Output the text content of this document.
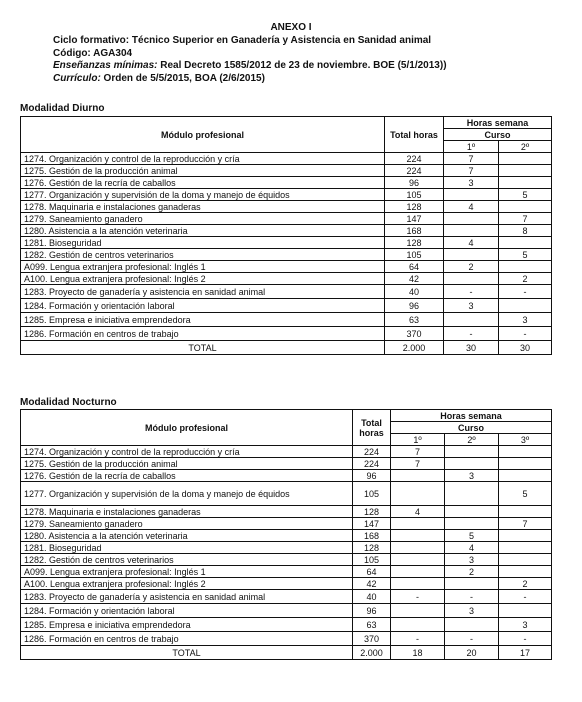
ANEXO I
Ciclo formativo: Técnico Superior en Ganadería y Asistencia en Sanidad animal
Código: AGA304
Enseñanzas mínimas: Real Decreto 1585/2012 de 23 de noviembre. BOE (5/1/2013))
Currículo: Orden de 5/5/2015, BOA (2/6/2015)
Modalidad Diurno
Módulo profesional	Total horas	Horas semana	
		Curso	
		1º	2º
1274. Organización y control de la reproducción y cría	224	7	
1275. Gestión de la producción animal	224	7	
1276. Gestión de la recría de caballos	96	3	
1277. Organización y supervisión de la doma y manejo de équidos	105		5
1278. Maquinaria e instalaciones ganaderas	128	4	
1279. Saneamiento ganadero	147		7
1280. Asistencia a la atención veterinaria	168		8
1281. Bioseguridad	128	4	
1282. Gestión de centros veterinarios	105		5
A099. Lengua extranjera profesional: Inglés 1	64	2	
A100. Lengua extranjera profesional: Inglés 2	42		2
1283. Proyecto de ganadería y asistencia en sanidad animal	40	-	-
1284. Formación y orientación laboral	96	3	
1285. Empresa e iniciativa emprendedora	63		3
1286. Formación en centros de trabajo	370	-	-
TOTAL	2.000	30	30
Modalidad Nocturno
Módulo profesional	Total horas	Horas semana		
		Curso		
		1º	2º	3º
1274. Organización y control de la reproducción y cría	224	7		
1275. Gestión de la producción animal	224	7		
1276. Gestión de la recría de caballos	96		3	
1277. Organización y supervisión de la doma y manejo de équidos	105			5
1278. Maquinaria e instalaciones ganaderas	128	4		
1279. Saneamiento ganadero	147			7
1280. Asistencia a la atención veterinaria	168		5	
1281. Bioseguridad	128		4	
1282. Gestión de centros veterinarios	105		3	
A099. Lengua extranjera profesional: Inglés 1	64		2	
A100. Lengua extranjera profesional: Inglés 2	42			2
1283. Proyecto de ganadería y asistencia en sanidad animal	40	-	-	-
1284. Formación y orientación laboral	96		3	
1285. Empresa e iniciativa emprendedora	63			3
1286. Formación en centros de trabajo	370	-	-	-
TOTAL	2.000	18	20	17
